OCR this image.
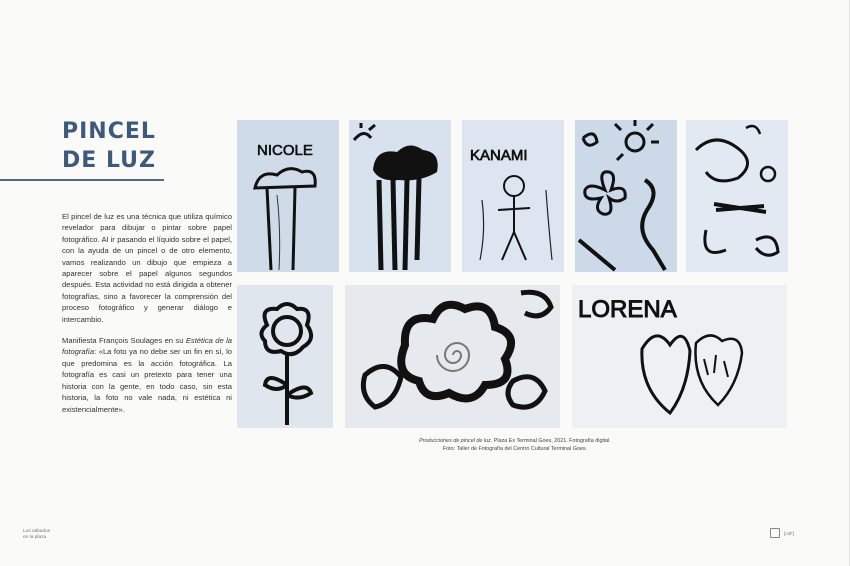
PINCEL
DE LUZ

El pincel de luz es una técnica que utiliza químico revelador para dibujar o pintar sobre papel fotográfico. Al ir pasando el líquido sobre el papel, con la ayuda de un pincel o de otro elemento, vamos realizando un dibujo que empieza a aparecer sobre el papel algunos segundos después. Esta actividad no está dirigida a obtener fotografías, sino a favorecer la comprensión del proceso fotográfico y generar diálogo e intercambio.

Manifiesta François Soulages en su Estética de la fotografía: «La foto ya no debe ser un fin en sí, lo que predomina es la acción fotográfica. La fotografía es casi un pretexto para tener una historia con la gente, en todo caso, sin esta historia, la foto no vale nada, ni estética ni existencialmente».

NICOLE	KANAMI
LORENA
Producciones de pincel de luz. Plaza Ex Terminal Goes, 2021. Fotografía digital.
Foto: Taller de Fotografía del Centro Cultural Terminal Goes.
Los sábados
en la plaza
[cdF]
